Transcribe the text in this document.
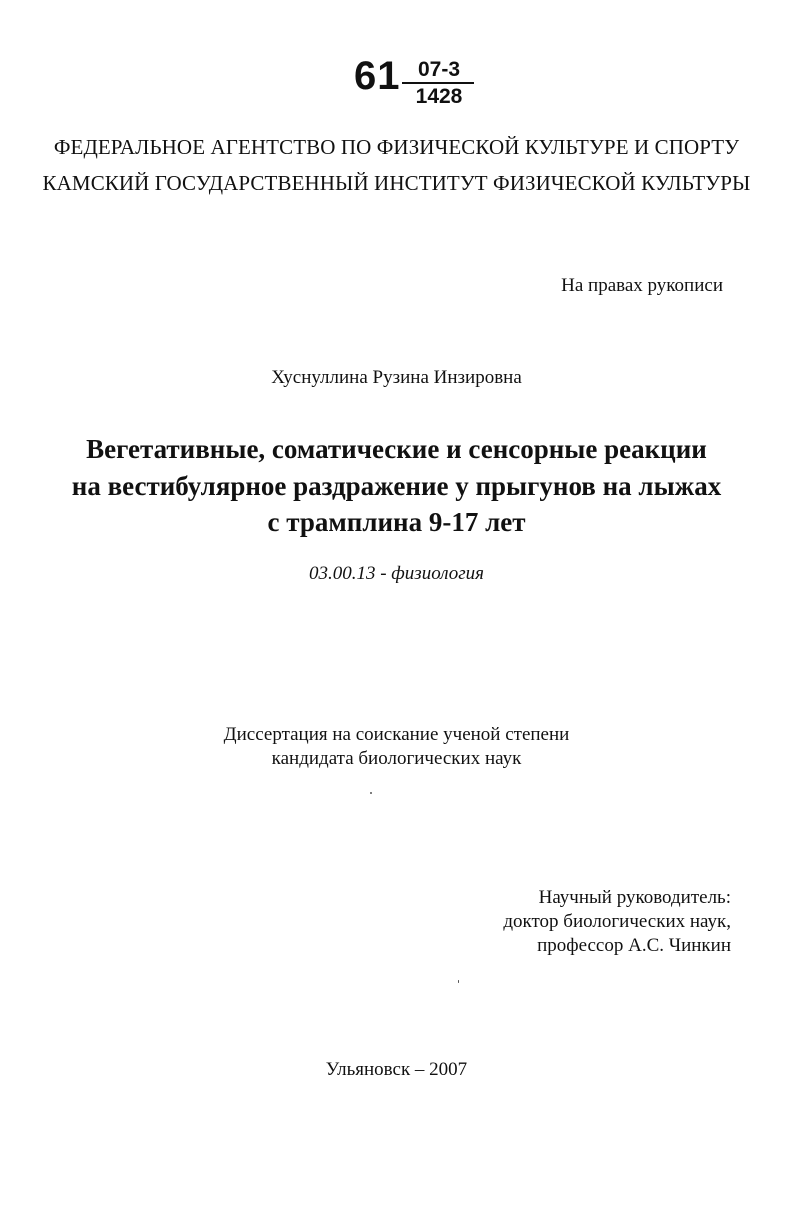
61 07-3
1428
ФЕДЕРАЛЬНОЕ АГЕНТСТВО ПО ФИЗИЧЕСКОЙ КУЛЬТУРЕ И СПОРТУ
КАМСКИЙ ГОСУДАРСТВЕННЫЙ ИНСТИТУТ ФИЗИЧЕСКОЙ КУЛЬТУРЫ
На правах рукописи
Хуснуллина Рузина Инзировна
Вегетативные, соматические и сенсорные реакции
на вестибулярное раздражение у прыгунов на лыжах
с трамплина 9-17 лет
03.00.13 - физиология
Диссертация на соискание ученой степени
кандидата биологических наук
Научный руководитель:
доктор биологических наук,
профессор А.С. Чинкин
Ульяновск – 2007
